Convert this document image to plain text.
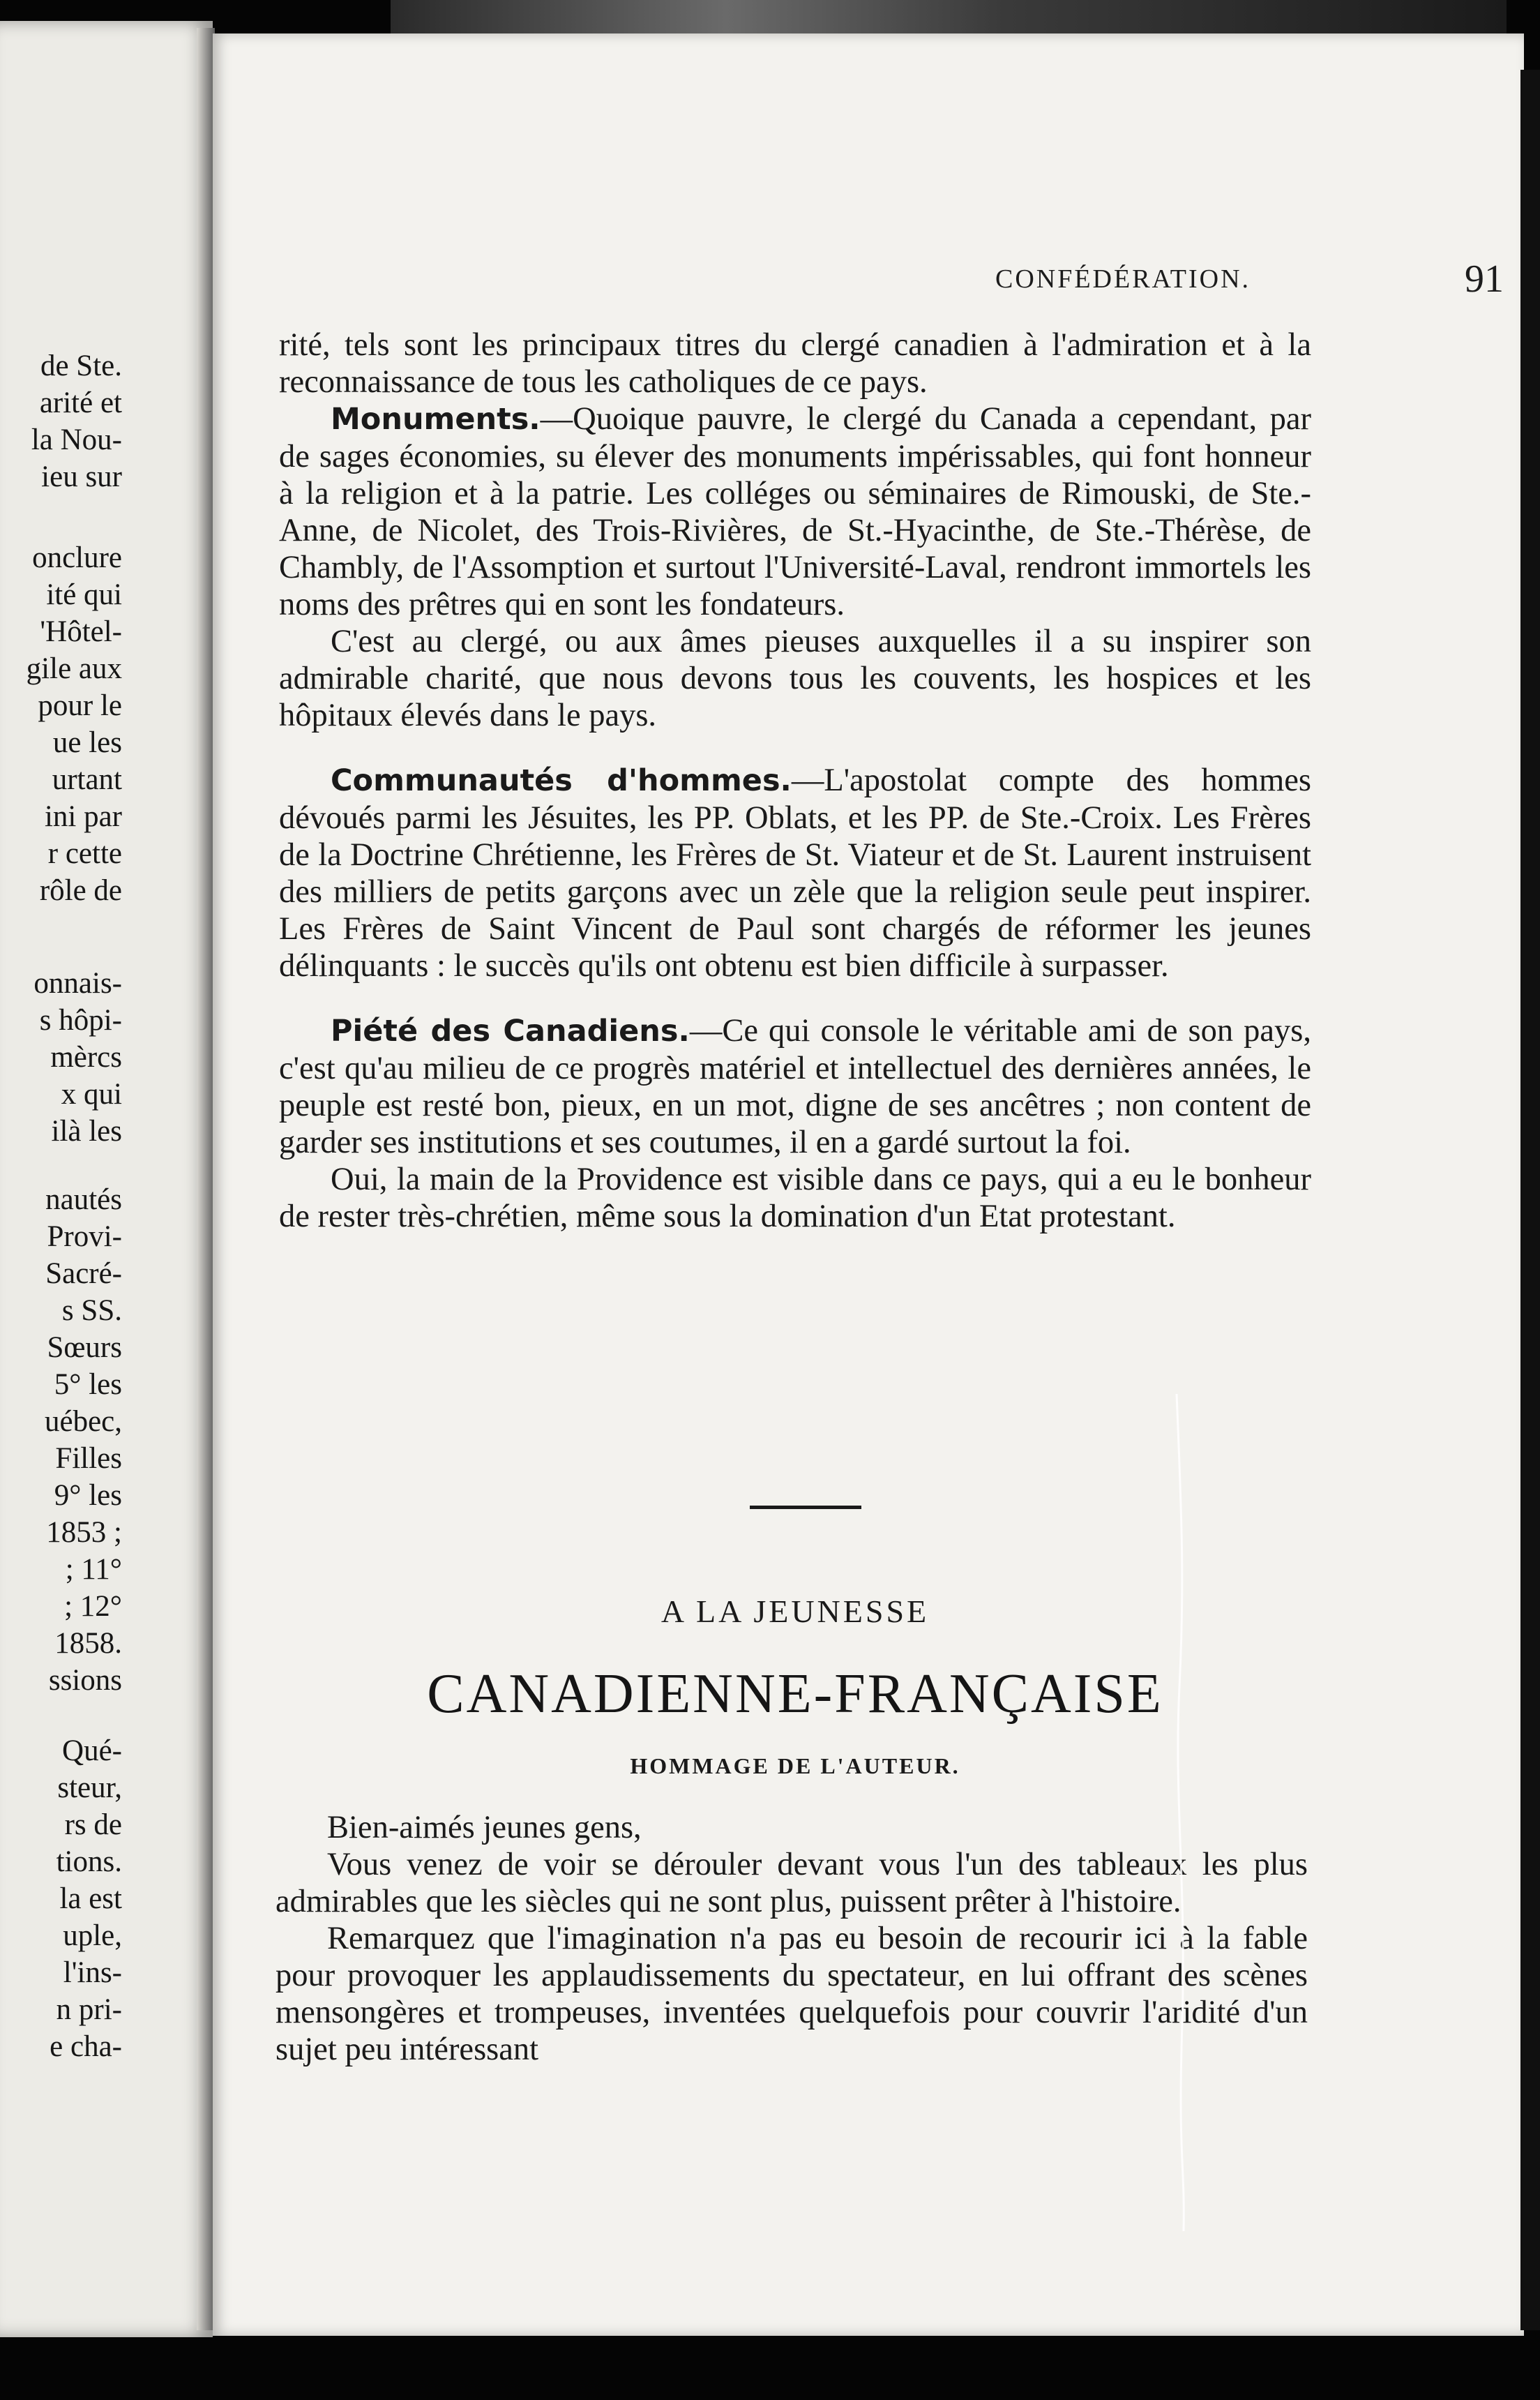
de Ste.
arité et
la Nou-
ieu sur
onclure
ité qui
'Hôtel-
gile aux
pour le
ue les
urtant
ini par
r cette
rôle de
onnais-
s hôpi-
mèrcs
x qui
ilà les
nautés
Provi-
Sacré-
s SS.
Sœurs
5° les
uébec,
Filles
9° les
1853 ;
; 11°
; 12°
1858.
ssions
Qué-
steur,
rs de
tions.
la est
uple,
l'ins-
n pri-
e cha-
CONFÉDÉRATION.	91

rité, tels sont les principaux titres du clergé canadien à l'admiration et à la reconnaissance de tous les catholiques de ce pays.

Monuments.—Quoique pauvre, le clergé du Canada a cependant, par de sages économies, su élever des monuments impérissables, qui font honneur à la religion et à la patrie. Les colléges ou séminaires de Rimouski, de Ste.-Anne, de Nicolet, des Trois-Rivières, de St.-Hyacinthe, de Ste.-Thérèse, de Chambly, de l'Assomption et surtout l'Université-Laval, rendront immortels les noms des prêtres qui en sont les fondateurs.

C'est au clergé, ou aux âmes pieuses auxquelles il a su inspirer son admirable charité, que nous devons tous les couvents, les hospices et les hôpitaux élevés dans le pays.

Communautés d'hommes.—L'apostolat compte des hommes dévoués parmi les Jésuites, les PP. Oblats, et les PP. de Ste.-Croix. Les Frères de la Doctrine Chrétienne, les Frères de St. Viateur et de St. Laurent instruisent des milliers de petits garçons avec un zèle que la religion seule peut inspirer. Les Frères de Saint Vincent de Paul sont chargés de réformer les jeunes délinquants : le succès qu'ils ont obtenu est bien difficile à surpasser.

Piété des Canadiens.—Ce qui console le véritable ami de son pays, c'est qu'au milieu de ce progrès matériel et intellectuel des dernières années, le peuple est resté bon, pieux, en un mot, digne de ses ancêtres ; non content de garder ses institutions et ses coutumes, il en a gardé surtout la foi.

Oui, la main de la Providence est visible dans ce pays, qui a eu le bonheur de rester très-chrétien, même sous la domination d'un Etat protestant.

A LA JEUNESSE
CANADIENNE-FRANÇAISE
HOMMAGE DE L'AUTEUR.

Bien-aimés jeunes gens,

Vous venez de voir se dérouler devant vous l'un des tableaux les plus admirables que les siècles qui ne sont plus, puissent prêter à l'histoire.

Remarquez que l'imagination n'a pas eu besoin de recourir ici à la fable pour provoquer les applaudissements du spectateur, en lui offrant des scènes mensongères et trompeuses, inventées quelquefois pour couvrir l'aridité d'un sujet peu intéressant
